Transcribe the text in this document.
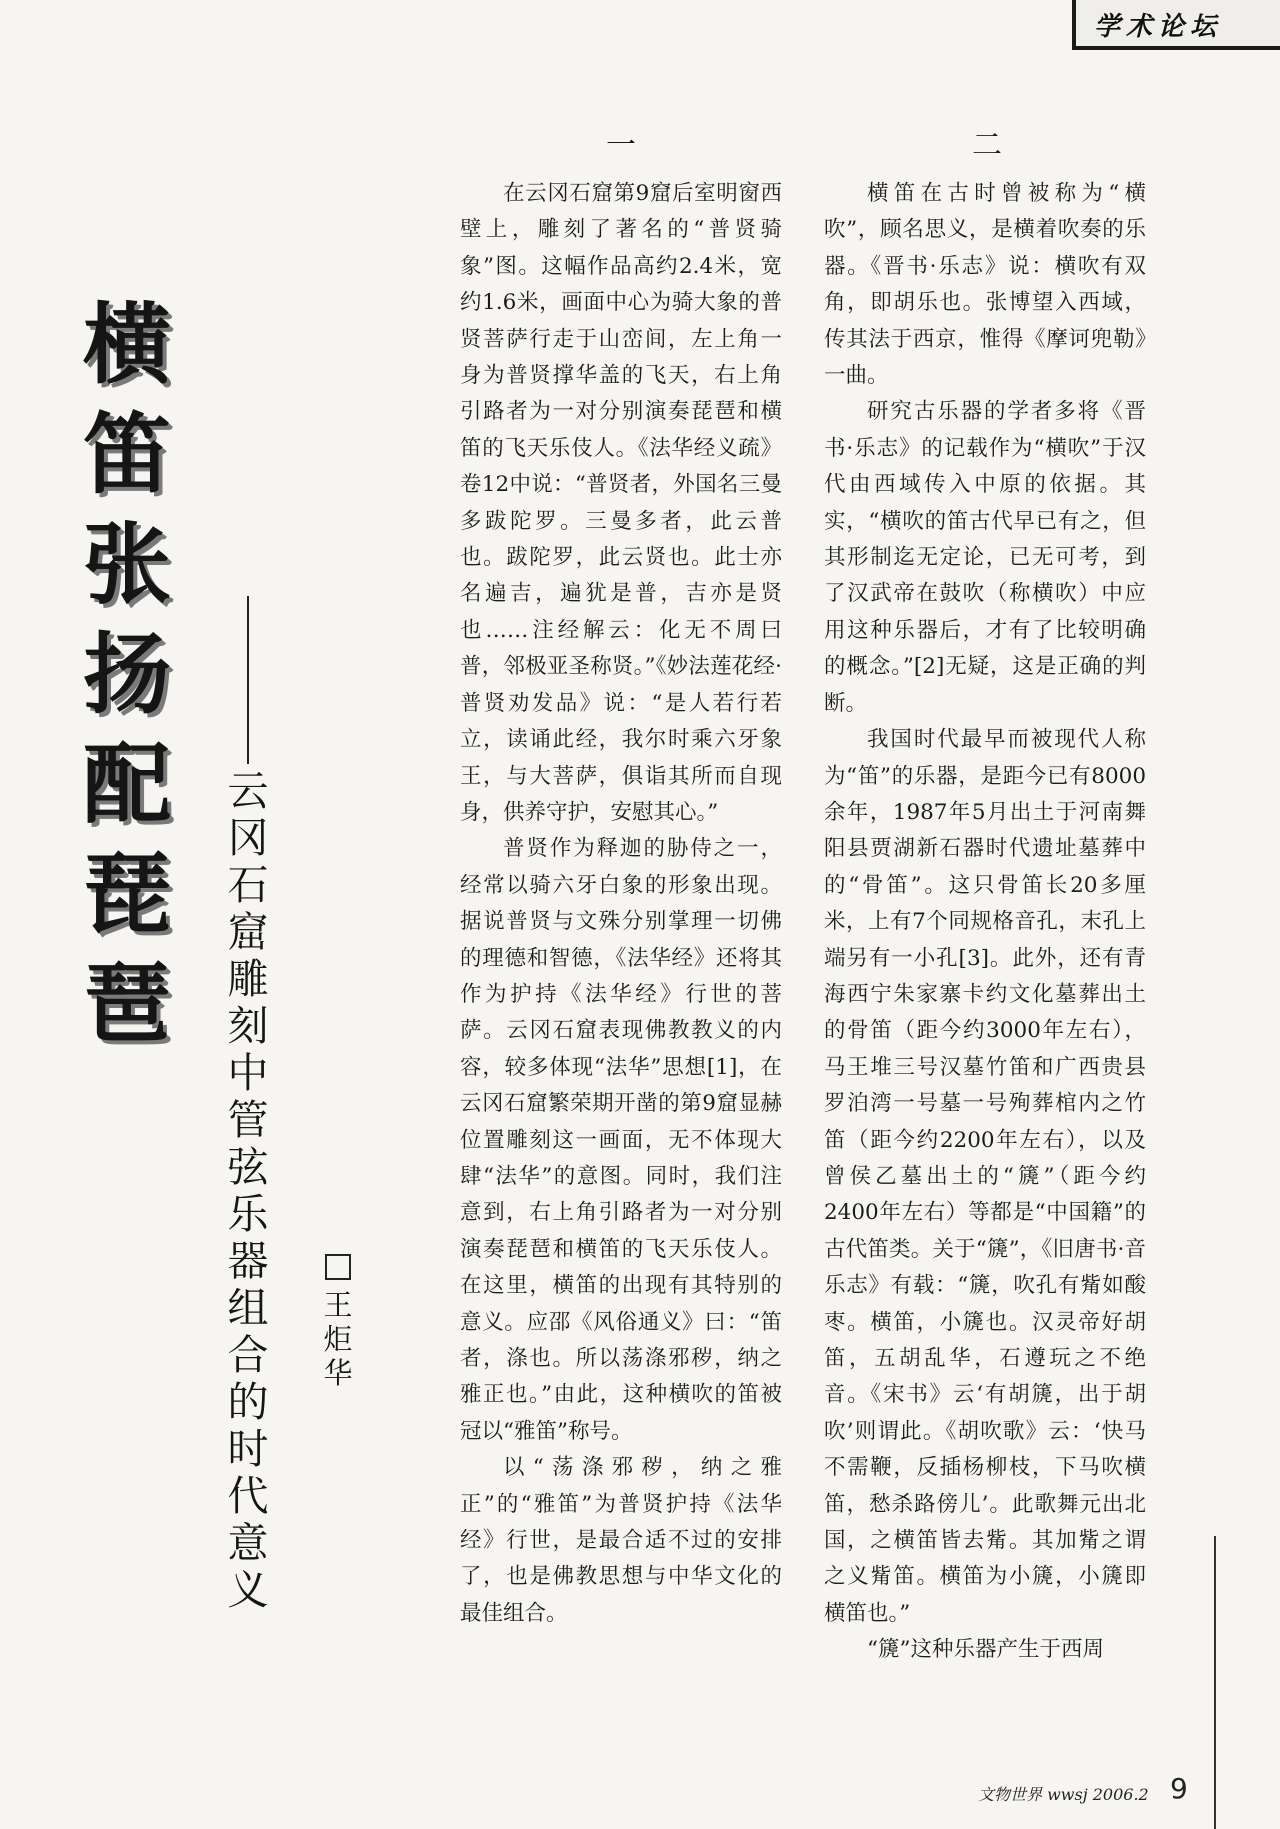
学术论坛
横
笛
张
扬
配
琵
琶
云
冈
石
窟
雕
刻
中
管
弦
乐
器
组
合
的
时
代
意
义
王
炬
华
一	二

在云冈石窟第9窟后室明窗西壁上，雕刻了著名的“普贤骑象”图。这幅作品高约2.4米，宽约1.6米，画面中心为骑大象的普贤菩萨行走于山峦间，左上角一身为普贤撑华盖的飞天，右上角引路者为一对分别演奏琵琶和横笛的飞天乐伎人。《法华经义疏》卷12中说：“普贤者，外国名三曼多跋陀罗。三曼多者，此云普也。跋陀罗，此云贤也。此士亦名遍吉，遍犹是普，吉亦是贤也……注经解云：化无不周曰普，邻极亚圣称贤。”《妙法莲花经·普贤劝发品》说：“是人若行若立，读诵此经，我尔时乘六牙象王，与大菩萨，俱诣其所而自现身，供养守护，安慰其心。”

普贤作为释迦的胁侍之一，经常以骑六牙白象的形象出现。据说普贤与文殊分别掌理一切佛的理德和智德，《法华经》还将其作为护持《法华经》行世的菩萨。云冈石窟表现佛教教义的内容，较多体现“法华”思想[1]，在云冈石窟繁荣期开凿的第9窟显赫位置雕刻这一画面，无不体现大肆“法华”的意图。同时，我们注意到，右上角引路者为一对分别演奏琵琶和横笛的飞天乐伎人。在这里，横笛的出现有其特别的意义。应邵《风俗通义》曰：“笛者，涤也。所以荡涤邪秽，纳之雅正也。”由此，这种横吹的笛被冠以“雅笛”称号。

以“荡涤邪秽，纳之雅正”的“雅笛”为普贤护持《法华经》行世，是最合适不过的安排了，也是佛教思想与中华文化的最佳组合。

横笛在古时曾被称为“横吹”，顾名思义，是横着吹奏的乐器。《晋书·乐志》说：横吹有双角，即胡乐也。张博望入西域，传其法于西京，惟得《摩诃兜勒》一曲。

研究古乐器的学者多将《晋书·乐志》的记载作为“横吹”于汉代由西域传入中原的依据。其实，“横吹的笛古代早已有之，但其形制迄无定论，已无可考，到了汉武帝在鼓吹（称横吹）中应用这种乐器后，才有了比较明确的概念。”[2]无疑，这是正确的判断。

我国时代最早而被现代人称为“笛”的乐器，是距今已有8000余年，1987年5月出土于河南舞阳县贾湖新石器时代遗址墓葬中的“骨笛”。这只骨笛长20多厘米，上有7个同规格音孔，末孔上端另有一小孔[3]。此外，还有青海西宁朱家寨卡约文化墓葬出土的骨笛（距今约3000年左右），马王堆三号汉墓竹笛和广西贵县罗泊湾一号墓一号殉葬棺内之竹笛（距今约2200年左右），以及曾侯乙墓出土的“篪”（距今约2400年左右）等都是“中国籍”的古代笛类。关于“篪”，《旧唐书·音乐志》有载：“篪，吹孔有觜如酸枣。横笛，小篪也。汉灵帝好胡笛，五胡乱华，石遵玩之不绝音。《宋书》云‘有胡篪，出于胡吹’则谓此。《胡吹歌》云：‘快马不需鞭，反插杨柳枝，下马吹横笛，愁杀路傍儿’。此歌舞元出北国，之横笛皆去觜。其加觜之谓之义觜笛。横笛为小篪，小篪即横笛也。”

“篪”这种乐器产生于西周

文物世界 wwsj 2006.2 9
